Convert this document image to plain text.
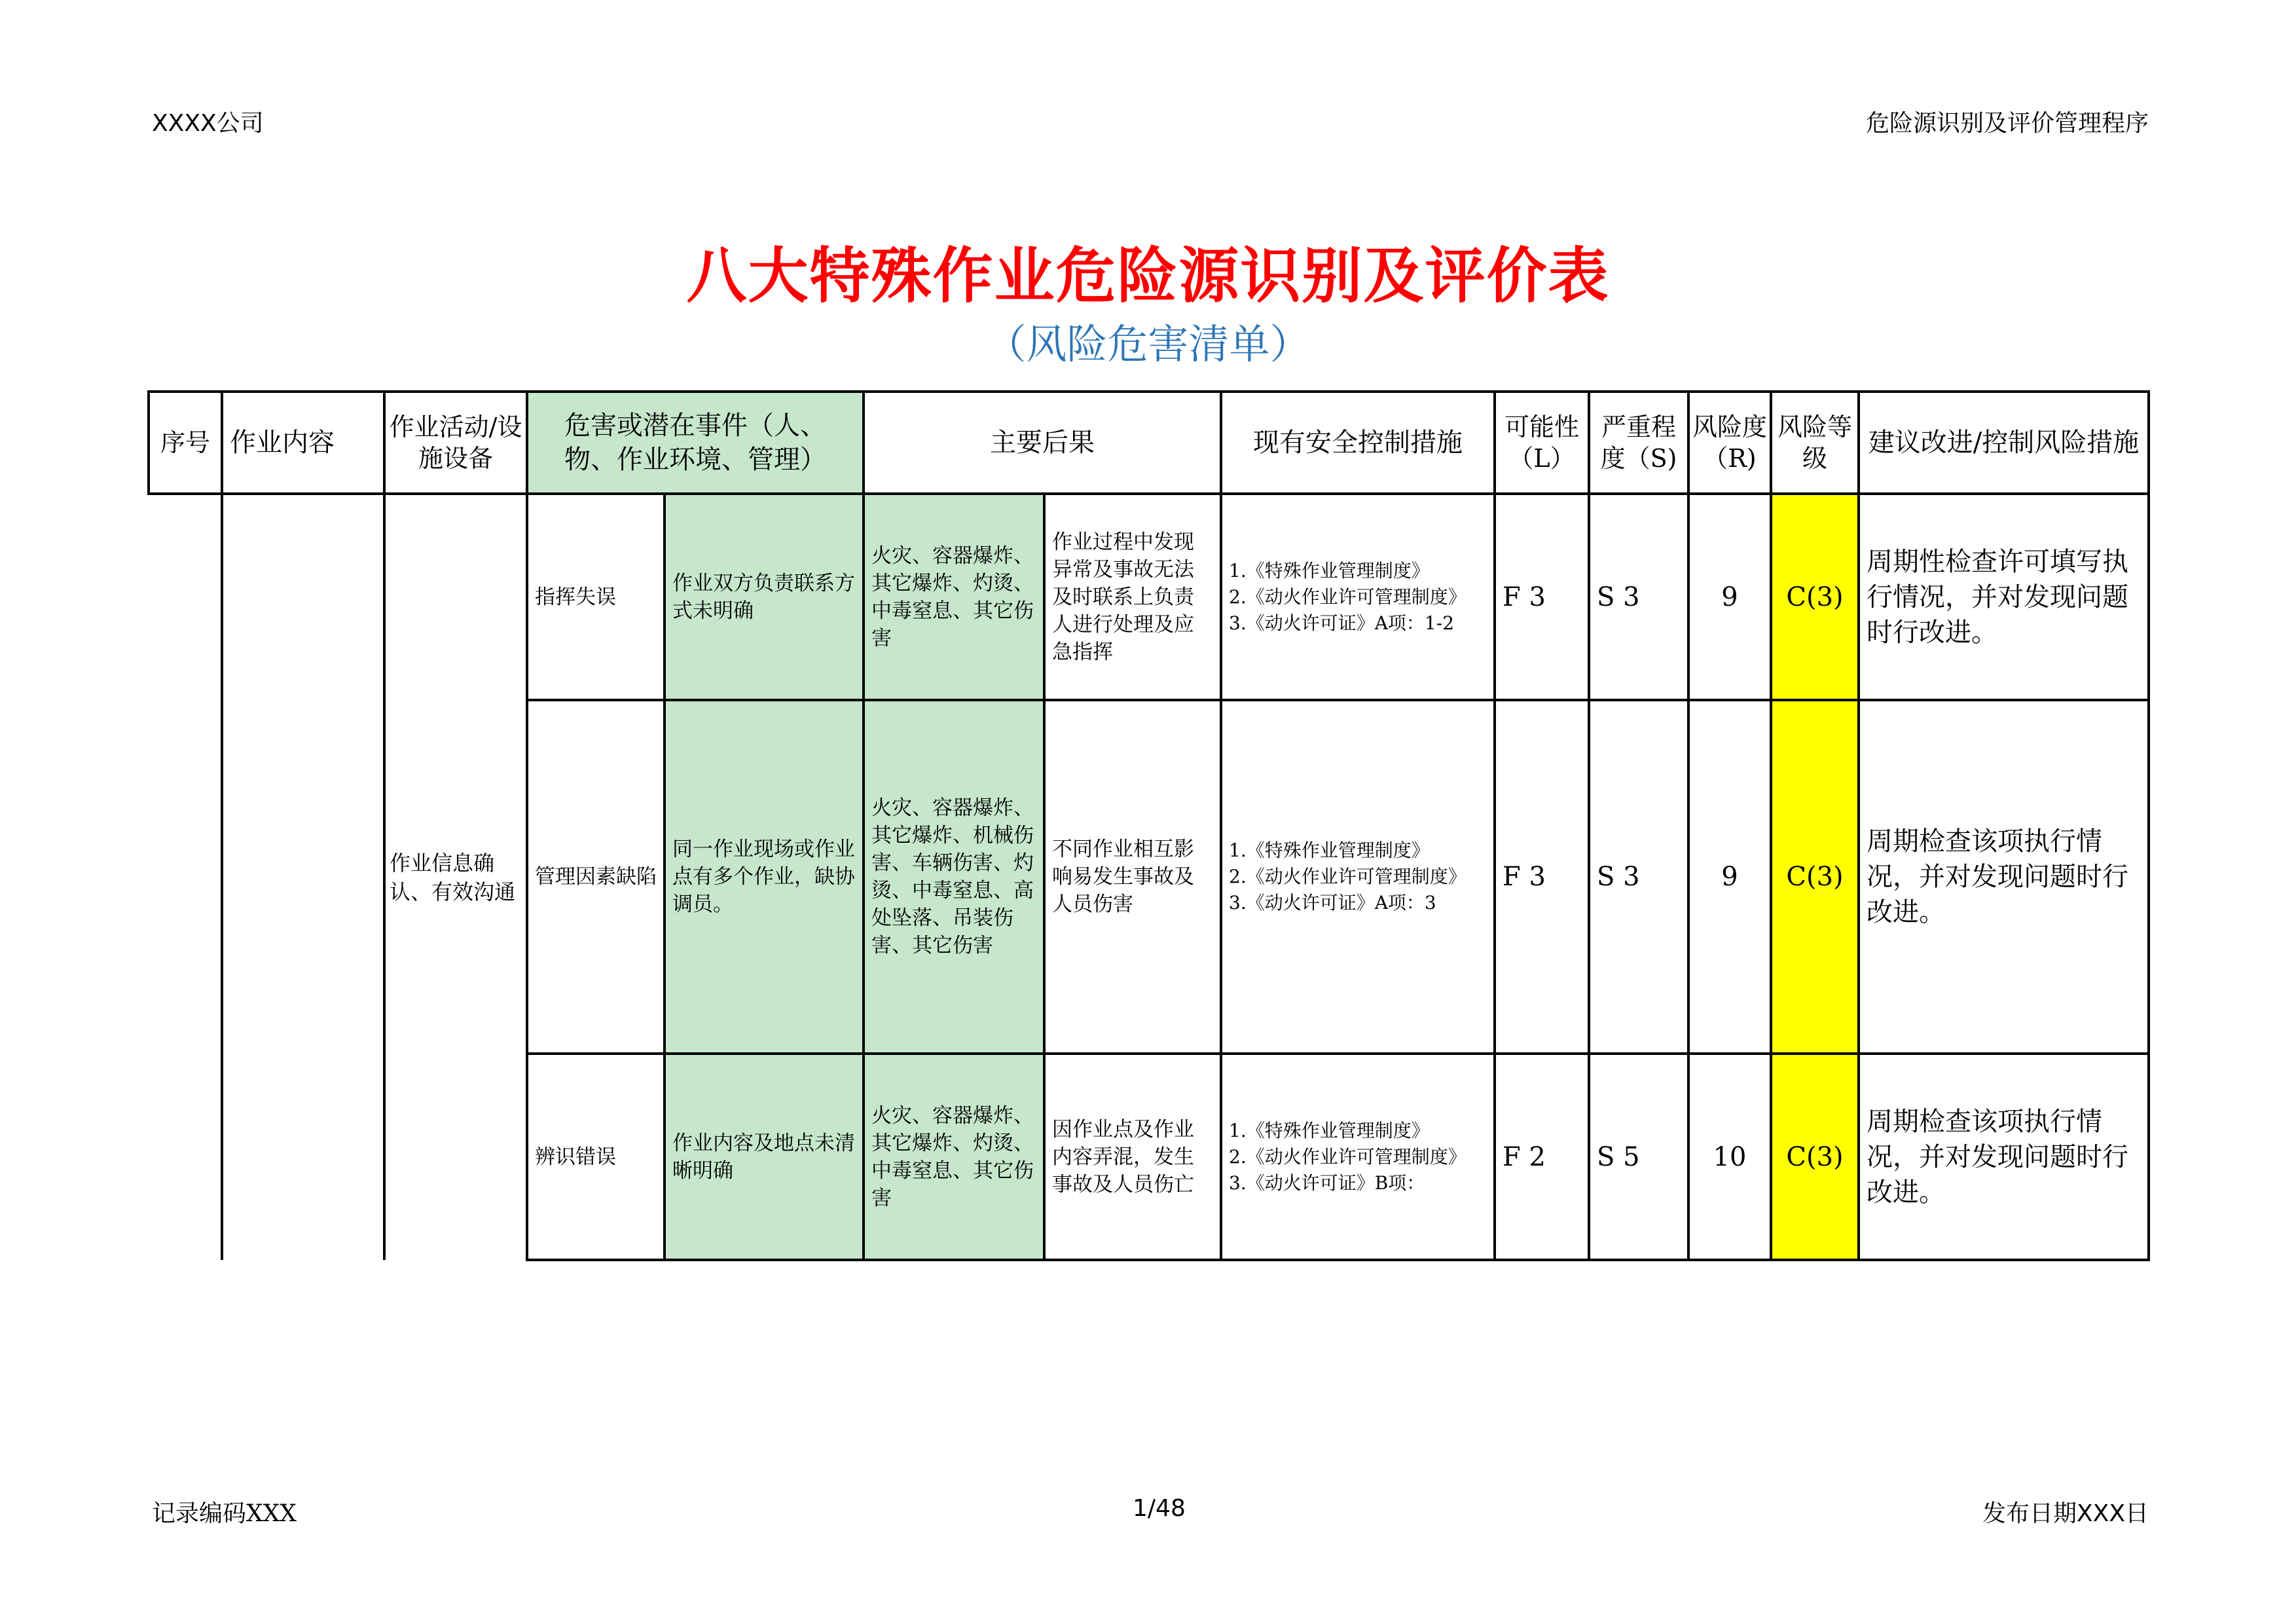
XXXX公司	危险源识别及评价管理程序
八大特殊作业危险源识别及评价表
（风险危害清单）
序号	作业内容	作业活动/设施设备	危害或潜在事件（人、物、作业环境、管理）		主要后果		现有安全控制措施	可能性（L）	严重程度（S)	风险度（R)	风险等级	建议改进/控制风险措施
		作业信息确认、有效沟通	指挥失误	作业双方负责联系方式未明确	火灾、容器爆炸、其它爆炸、灼烫、中毒窒息、其它伤害	作业过程中发现异常及事故无法及时联系上负责人进行处理及应急指挥	1.《特殊作业管理制度》
2.《动火作业许可管理制度》
3.《动火许可证》A项：1-2	F 3	S 3	9	C(3)	周期性检查许可填写执行情况，并对发现问题时行改进。
			管理因素缺陷	同一作业现场或作业点有多个作业，缺协调员。	火灾、容器爆炸、其它爆炸、机械伤害、车辆伤害、灼烫、中毒窒息、高处坠落、吊装伤害、其它伤害	不同作业相互影响易发生事故及人员伤害	1.《特殊作业管理制度》
2.《动火作业许可管理制度》
3.《动火许可证》A项：3	F 3	S 3	9	C(3)	周期检查该项执行情况，并对发现问题时行改进。
			辨识错误	作业内容及地点未清晰明确	火灾、容器爆炸、其它爆炸、灼烫、中毒窒息、其它伤害	因作业点及作业内容弄混，发生事故及人员伤亡	1.《特殊作业管理制度》
2.《动火作业许可管理制度》
3.《动火许可证》B项：	F 2	S 5	10	C(3)	周期检查该项执行情况，并对发现问题时行改进。
记录编码XXX	1/48	发布日期XXX日
